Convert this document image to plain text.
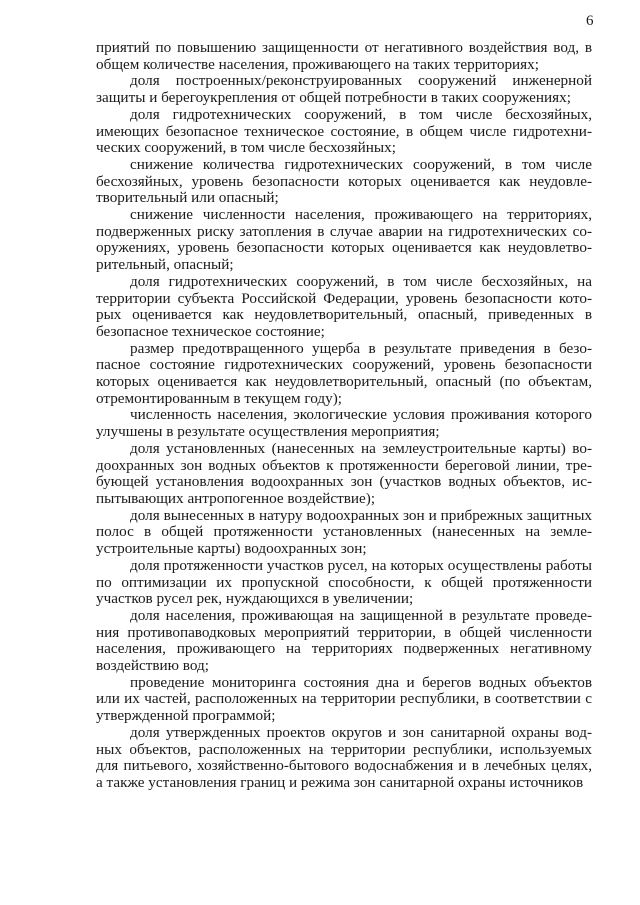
6

приятий по повышению защищенности от негативного воздействия вод, в общем количестве населения, проживающего на таких территориях;

доля построенных/реконструированных сооружений инженерной защиты и берегоукрепления от общей потребности в таких сооружениях;

доля гидротехнических сооружений, в том числе бесхозяйных, имеющих безопасное техническое состояние, в общем числе гидротехнических сооружений, в том числе бесхозяйных;

снижение количества гидротехнических сооружений, в том числе бесхозяйных, уровень безопасности которых оценивается как неудовлетворительный или опасный;

снижение численности населения, проживающего на территориях, подверженных риску затопления в случае аварии на гидротехнических сооружениях, уровень безопасности которых оценивается как неудовлетворительный, опасный;

доля гидротехнических сооружений, в том числе бесхозяйных, на территории субъекта Российской Федерации, уровень безопасности которых оценивается как неудовлетворительный, опасный, приведенных в безопасное техническое состояние;

размер предотвращенного ущерба в результате приведения в безопасное состояние гидротехнических сооружений, уровень безопасности которых оценивается как неудовлетворительный, опасный (по объектам, отремонтированным в текущем году);

численность населения, экологические условия проживания которого улучшены в результате осуществления мероприятия;

доля установленных (нанесенных на землеустроительные карты) водоохранных зон водных объектов к протяженности береговой линии, требующей установления водоохранных зон (участков водных объектов, испытывающих антропогенное воздействие);

доля вынесенных в натуру водоохранных зон и прибрежных защитных полос в общей протяженности установленных (нанесенных на землеустроительные карты) водоохранных зон;

доля протяженности участков русел, на которых осуществлены работы по оптимизации их пропускной способности, к общей протяженности участков русел рек, нуждающихся в увеличении;

доля населения, проживающая на защищенной в результате проведения противопаводковых мероприятий территории, в общей численности населения, проживающего на территориях подверженных негативному воздействию вод;

проведение мониторинга состояния дна и берегов водных объектов или их частей, расположенных на территории республики, в соответствии с утвержденной программой;

доля утвержденных проектов округов и зон санитарной охраны водных объектов, расположенных на территории республики, используемых для питьевого, хозяйственно-бытового водоснабжения и в лечебных целях, а также установления границ и режима зон санитарной охраны источников
